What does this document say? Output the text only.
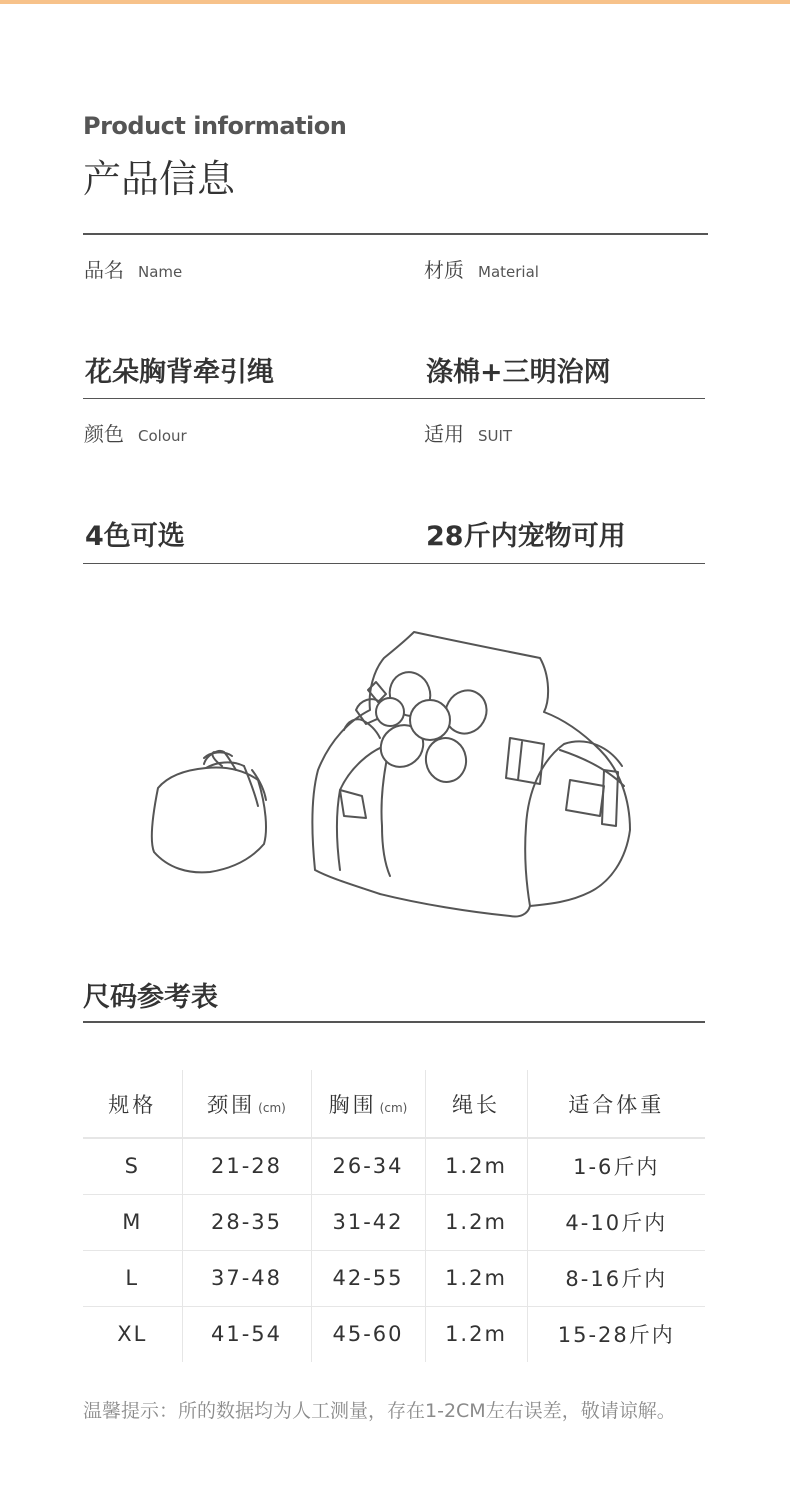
Product information
产品信息
品名 Name	材质 Material
花朵胸背牵引绳	涤棉+三明治网
颜色 Colour	适用 SUIT
4色可选	28斤内宠物可用
尺码参考表
规格	颈围 (cm)	胸围 (cm)	绳长	适合体重
S	21-28	26-34	1.2m	1-6斤内
M	28-35	31-42	1.2m	4-10斤内
L	37-48	42-55	1.2m	8-16斤内
XL	41-54	45-60	1.2m	15-28斤内
温馨提示：所的数据均为人工测量，存在1-2CM左右误差，敬请谅解。
